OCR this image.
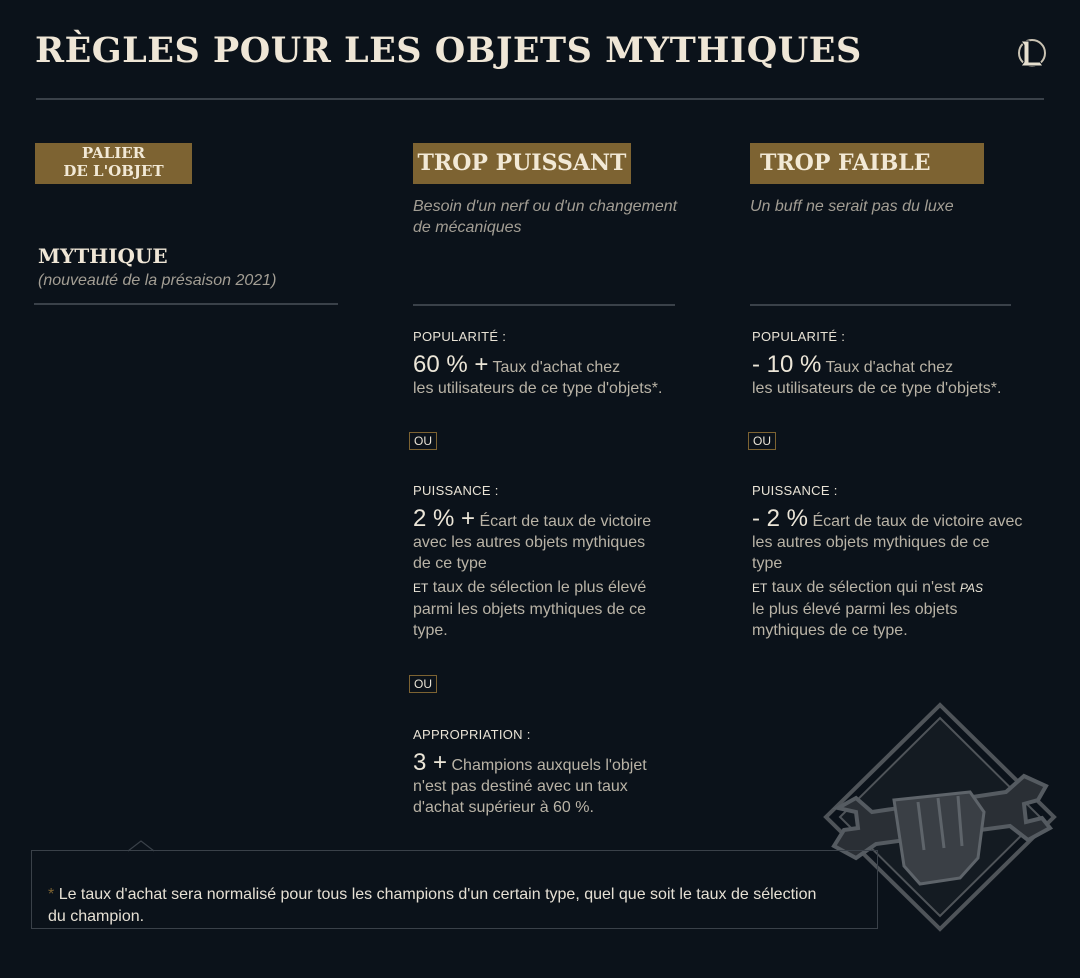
RÈGLES POUR LES OBJETS MYTHIQUES
PALIER
DE L'OBJET	TROP PUISSANT	TROP FAIBLE
MYTHIQUE
(nouveauté de la présaison 2021)
Besoin d'un nerf ou d'un changement
de mécaniques
POPULARITÉ :
60 % + Taux d'achat chez
les utilisateurs de ce type d'objets*.
OU
PUISSANCE :
2 % + Écart de taux de victoire
avec les autres objets mythiques
de ce type
ET taux de sélection le plus élevé
parmi les objets mythiques de ce
type.
OU
APPROPRIATION :
3 + Champions auxquels l'objet
n'est pas destiné avec un taux
d'achat supérieur à 60 %.
Un buff ne serait pas du luxe
POPULARITÉ :
- 10 % Taux d'achat chez
les utilisateurs de ce type d'objets*.
OU
PUISSANCE :
- 2 % Écart de taux de victoire avec
les autres objets mythiques de ce
type
ET taux de sélection qui n'est PAS
le plus élevé parmi les objets
mythiques de ce type.
* Le taux d'achat sera normalisé pour tous les champions d'un certain type, quel que soit le taux de sélection du champion.
